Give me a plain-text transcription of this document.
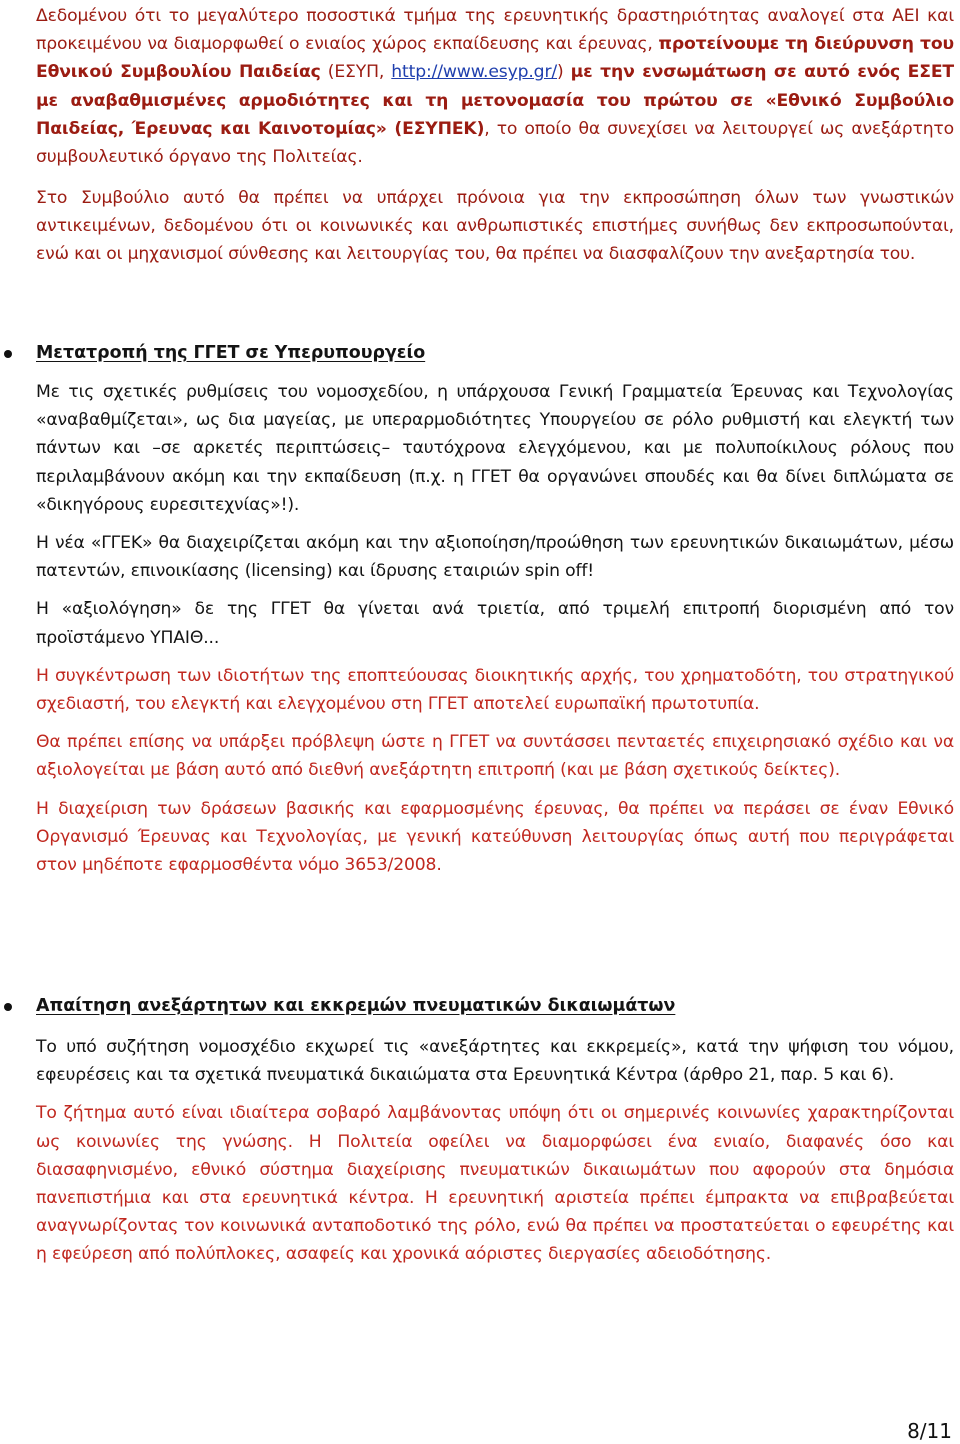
Δεδομένου ότι το μεγαλύτερο ποσοστικά τμήμα της ερευνητικής δραστηριότητας αναλογεί στα ΑΕΙ και προκειμένου να διαμορφωθεί ο ενιαίος χώρος εκπαίδευσης και έρευνας, προτείνουμε τη διεύρυνση του Εθνικού Συμβουλίου Παιδείας (ΕΣΥΠ, http://www.esyp.gr/) με την ενσωμάτωση σε αυτό ενός ΕΣΕΤ με αναβαθμισμένες αρμοδιότητες και τη μετονομασία του πρώτου σε «Εθνικό Συμβούλιο Παιδείας, Έρευνας και Καινοτομίας» (ΕΣΥΠΕΚ), το οποίο θα συνεχίσει να λειτουργεί ως ανεξάρτητο συμβουλευτικό όργανο της Πολιτείας.

Στο Συμβούλιο αυτό θα πρέπει να υπάρχει πρόνοια για την εκπροσώπηση όλων των γνωστικών αντικειμένων, δεδομένου ότι οι κοινωνικές και ανθρωπιστικές επιστήμες συνήθως δεν εκπροσωπούνται, ενώ και οι μηχανισμοί σύνθεσης και λειτουργίας του, θα πρέπει να διασφαλίζουν την ανεξαρτησία του.

Μετατροπή της ΓΓΕΤ σε Υπερυπουργείο

Με τις σχετικές ρυθμίσεις του νομοσχεδίου, η υπάρχουσα Γενική Γραμματεία Έρευνας και Τεχνολογίας «αναβαθμίζεται», ως δια μαγείας, με υπεραρμοδιότητες Υπουργείου σε ρόλο ρυθμιστή και ελεγκτή των πάντων και –σε αρκετές περιπτώσεις– ταυτόχρονα ελεγχόμενου, και με πολυποίκιλους ρόλους που περιλαμβάνουν ακόμη και την εκπαίδευση (π.χ. η ΓΓΕΤ θα οργανώνει σπουδές και θα δίνει διπλώματα σε «δικηγόρους ευρεσιτεχνίας»!).

Η νέα «ΓΓΕΚ» θα διαχειρίζεται ακόμη και την αξιοποίηση/προώθηση των ερευνητικών δικαιωμάτων, μέσω πατεντών, επινοικίασης (licensing) και ίδρυσης εταιριών spin off!

Η «αξιολόγηση» δε της ΓΓΕΤ θα γίνεται ανά τριετία, από τριμελή επιτροπή διορισμένη από τον προϊστάμενο ΥΠΑΙΘ...

Η συγκέντρωση των ιδιοτήτων της εποπτεύουσας διοικητικής αρχής, του χρηματοδότη, του στρατηγικού σχεδιαστή, του ελεγκτή και ελεγχομένου στη ΓΓΕΤ αποτελεί ευρωπαϊκή πρωτοτυπία.

Θα πρέπει επίσης να υπάρξει πρόβλεψη ώστε η ΓΓΕΤ να συντάσσει πενταετές επιχειρησιακό σχέδιο και να αξιολογείται με βάση αυτό από διεθνή ανεξάρτητη επιτροπή (και με βάση σχετικούς δείκτες).

Η διαχείριση των δράσεων βασικής και εφαρμοσμένης έρευνας, θα πρέπει να περάσει σε έναν Εθνικό Οργανισμό Έρευνας και Τεχνολογίας, με γενική κατεύθυνση λειτουργίας όπως αυτή που περιγράφεται στον μηδέποτε εφαρμοσθέντα νόμο 3653/2008.

Απαίτηση ανεξάρτητων και εκκρεμών πνευματικών δικαιωμάτων

Το υπό συζήτηση νομοσχέδιο εκχωρεί τις «ανεξάρτητες και εκκρεμείς», κατά την ψήφιση του νόμου, εφευρέσεις και τα σχετικά πνευματικά δικαιώματα στα Ερευνητικά Κέντρα (άρθρο 21, παρ. 5 και 6).

Το ζήτημα αυτό είναι ιδιαίτερα σοβαρό λαμβάνοντας υπόψη ότι οι σημερινές κοινωνίες χαρακτηρίζονται ως κοινωνίες της γνώσης. Η Πολιτεία οφείλει να διαμορφώσει ένα ενιαίο, διαφανές όσο και διασαφηνισμένο, εθνικό σύστημα διαχείρισης πνευματικών δικαιωμάτων που αφορούν στα δημόσια πανεπιστήμια και στα ερευνητικά κέντρα. Η ερευνητική αριστεία πρέπει έμπρακτα να επιβραβεύεται αναγνωρίζοντας τον κοινωνικά ανταποδοτικό της ρόλο, ενώ θα πρέπει να προστατεύεται ο εφευρέτης και η εφεύρεση από πολύπλοκες, ασαφείς και χρονικά αόριστες διεργασίες αδειοδότησης.

8/11
